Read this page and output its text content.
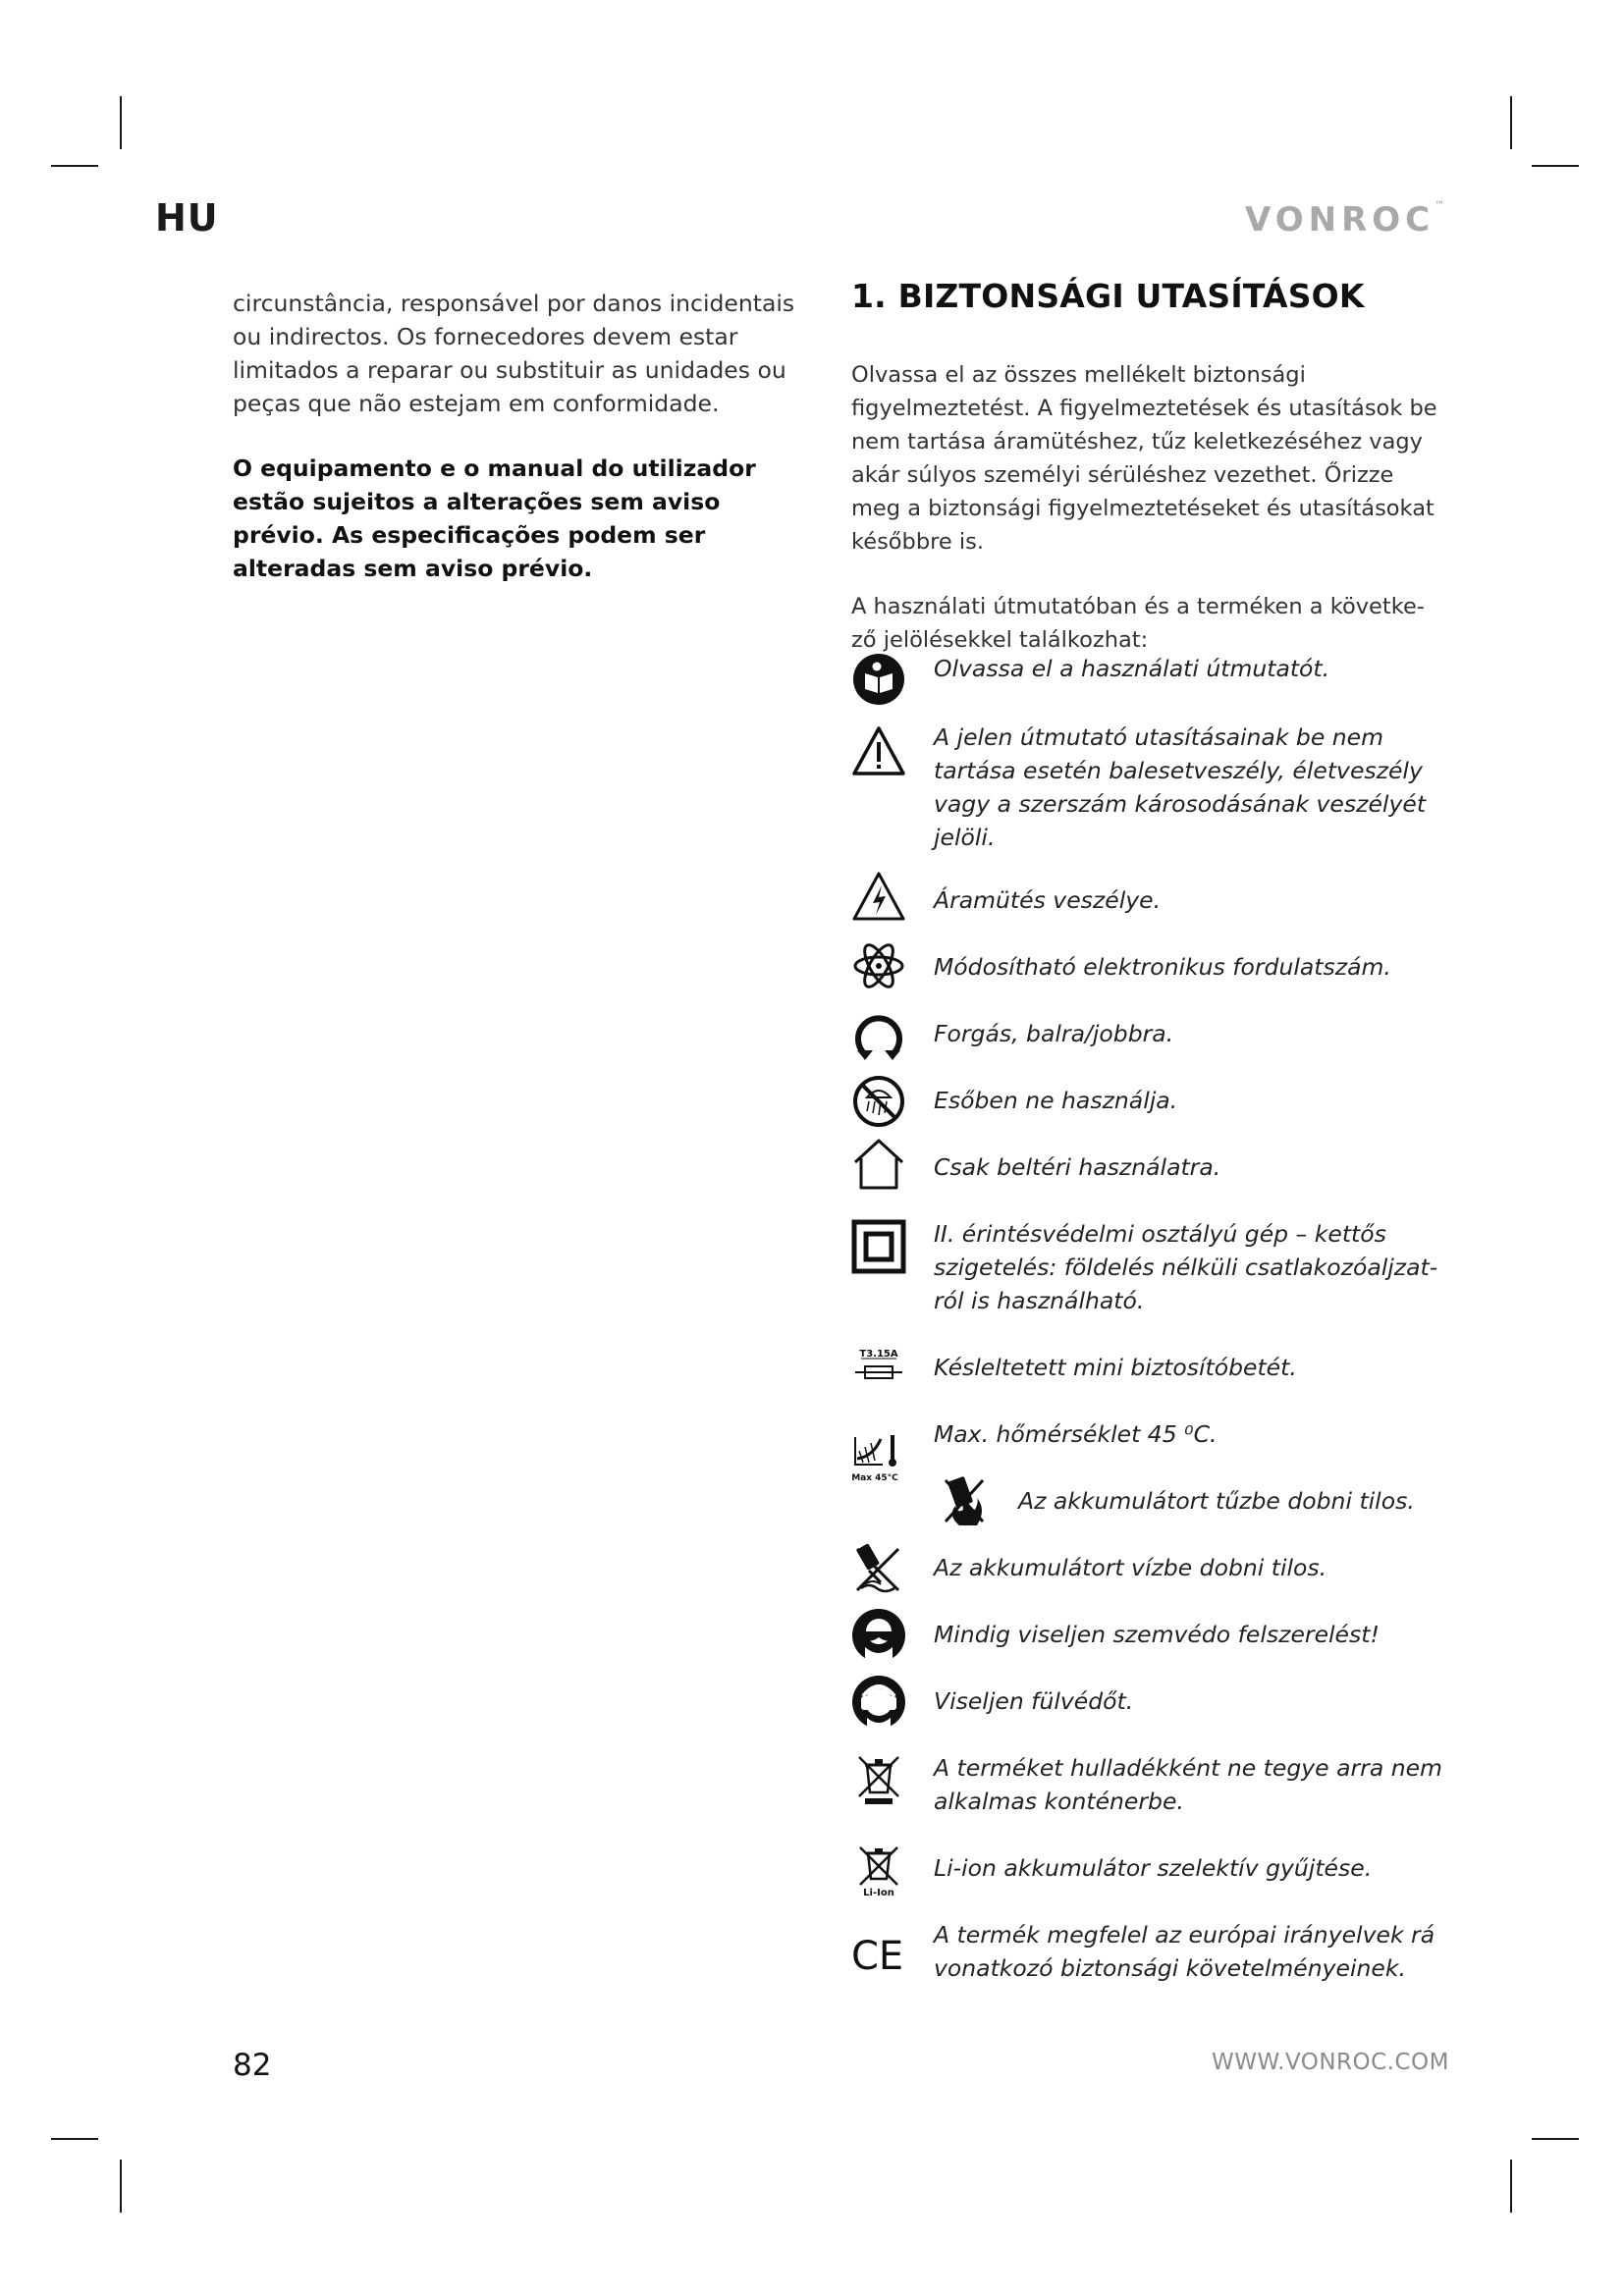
HU	VONROC™

circunstância, responsável por danos incidentais ou indirectos. Os fornecedores devem estar limitados a reparar ou substituir as unidades ou peças que não estejam em conformidade.

O equipamento e o manual do utilizador estão sujeitos a alterações sem aviso prévio. As especificações podem ser alteradas sem aviso prévio.

1. BIZTONSÁGI UTASÍTÁSOK

Olvassa el az összes mellékelt biztonsági figyelmeztetést. A figyelmeztetések és utasítások be nem tartása áramütéshez, tűz keletkezéséhez vagy akár súlyos személyi sérüléshez vezethet. Őrizze meg a biztonsági figyelmeztetéseket és utasításokat későbbre is.

A használati útmutatóban és a terméken a következő jelölésekkel találkozhat:

Olvassa el a használati útmutatót.
A jelen útmutató utasításainak be nem tartása esetén balesetveszély, életveszély vagy a szerszám károsodásának veszélyét jelöli.
Áramütés veszélye.
Módosítható elektronikus fordulatszám.
Forgás, balra/jobbra.
Esőben ne használja.
Csak beltéri használatra.
II. érintésvédelmi osztályú gép – kettős szigetelés: földelés nélküli csatlakozóaljzatról is használható.
T3.15A Késleltetett mini biztosítóbetét.
Max 45°C
Max. hőmérséklet 45 ⁰C.
Az akkumulátort tűzbe dobni tilos.
Az akkumulátort vízbe dobni tilos.
Mindig viseljen szemvédo felszerelést!
Viseljen fülvédőt.
A terméket hulladékként ne tegye arra nem alkalmas konténerbe.
Li-Ion
Li-ion akkumulátor szelektív gyűjtése.
CE A termék megfelel az európai irányelvek rá vonatkozó biztonsági követelményeinek.
82	WWW.VONROC.COM
